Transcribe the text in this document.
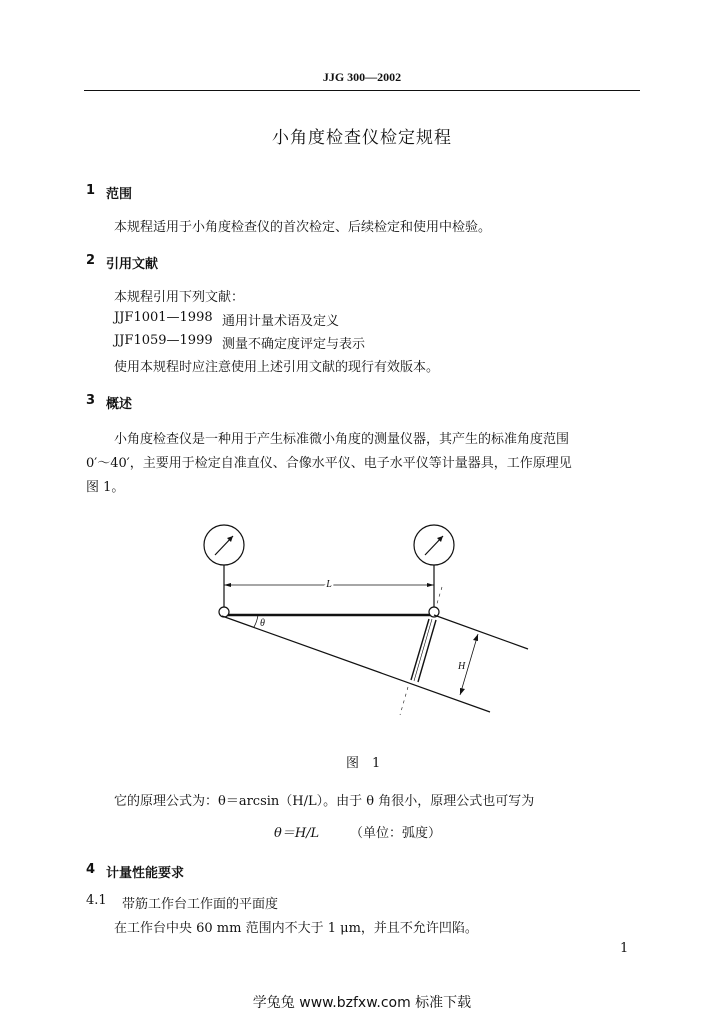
JJG 300—2002
小角度检查仪检定规程
1 范围
本规程适用于小角度检查仪的首次检定、后续检定和使用中检验。
2 引用文献
本规程引用下列文献：
JJF1001—1998 通用计量术语及定义
JJF1059—1999 测量不确定度评定与表示
使用本规程时应注意使用上述引用文献的现行有效版本。
3 概述
小角度检查仪是一种用于产生标准微小角度的测量仪器，其产生的标准角度范围
0′～40′，主要用于检定自准直仪、合像水平仪、电子水平仪等计量器具，工作原理见
图 1。
L
θ
H
图　1
它的原理公式为：θ＝arcsin（H/L）。由于 θ 角很小，原理公式也可写为
θ＝H/L （单位：弧度）
4 计量性能要求
4.1 带筋工作台工作面的平面度
在工作台中央 60 mm 范围内不大于 1 μm，并且不允许凹陷。
1
学兔兔 www.bzfxw.com 标准下载
